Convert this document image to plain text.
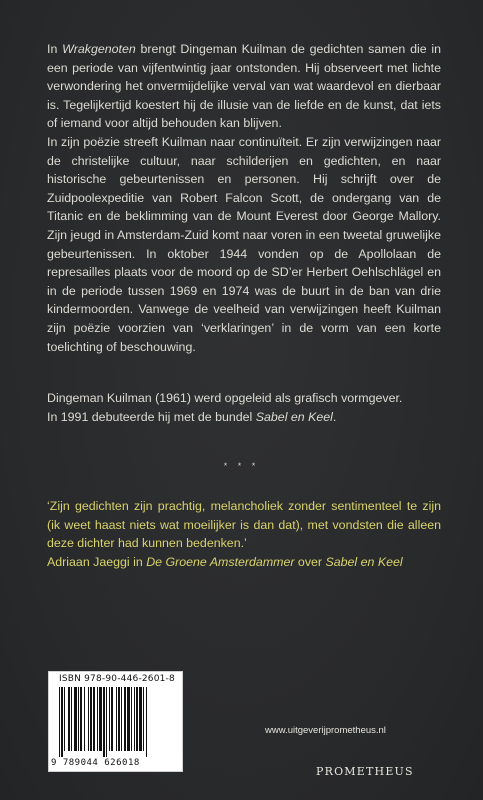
In Wrakgenoten brengt Dingeman Kuilman de gedichten samen die in een periode van vijfentwintig jaar ontstonden. Hij observeert met lichte verwondering het onvermijdelijke verval van wat waardevol en dierbaar is. Tegelijkertijd koestert hij de illusie van de liefde en de kunst, dat iets of iemand voor altijd behouden kan blijven.

In zijn poëzie streeft Kuilman naar continuïteit. Er zijn verwijzingen naar de christelijke cultuur, naar schilderijen en gedichten, en naar historische gebeurtenissen en personen. Hij schrijft over de Zuidpoolexpeditie van Robert Falcon Scott, de ondergang van de Titanic en de beklimming van de Mount Everest door George Mallory. Zijn jeugd in Amsterdam-Zuid komt naar voren in een tweetal gruwelijke gebeurtenissen. In oktober 1944 vonden op de Apollolaan de represailles plaats voor de moord op de SD’er Herbert Oehlschlägel en in de periode tussen 1969 en 1974 was de buurt in de ban van drie kindermoorden. Vanwege de veelheid van verwijzingen heeft Kuilman zijn poëzie voorzien van ‘verklaringen’ in de vorm van een korte toelichting of beschouwing.

Dingeman Kuilman (1961) werd opgeleid als grafisch vormgever.
In 1991 debuteerde hij met de bundel Sabel en Keel.
* * *
‘Zijn gedichten zijn prachtig, melancholiek zonder sentimenteel te zijn (ik weet haast niets wat moeilijker is dan dat), met vondsten die alleen deze dichter had kunnen bedenken.’
Adriaan Jaeggi in De Groene Amsterdammer over Sabel en Keel
ISBN 978-90-446-2601-8
9 789044 626018
www.uitgeverijprometheus.nl
PROMETHEUS
